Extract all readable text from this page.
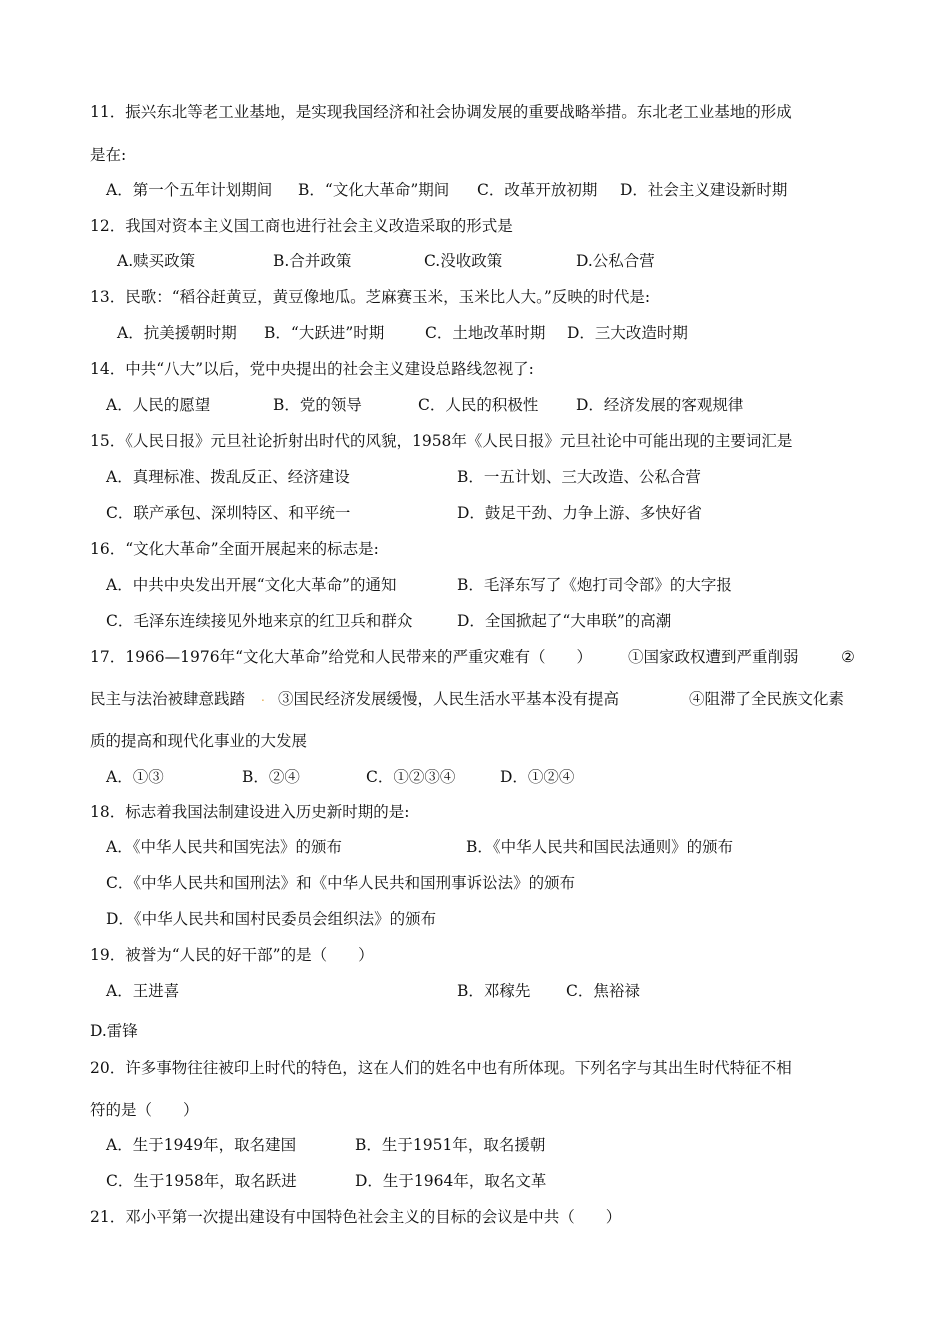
11．振兴东北等老工业基地，是实现我国经济和社会协调发展的重要战略举措。东北老工业基地的形成
是在:
A．第一个五年计划期间 B．“文化大革命”期间 C．改革开放初期 D．社会主义建设新时期
12．我国对资本主义国工商也进行社会主义改造采取的形式是
A.赎买政策	B.合并政策	C.没收政策	D.公私合营
13．民歌：“稻谷赶黄豆，黄豆像地瓜。芝麻赛玉米，玉米比人大。”反映的时代是:
A．抗美援朝时期 B．“大跃进”时期	C．土地改革时期 D．三大改造时期
14．中共“八大”以后，党中央提出的社会主义建设总路线忽视了:
A．人民的愿望	B．党的领导	C．人民的积极性 D．经济发展的客观规律
15．《人民日报》元旦社论折射出时代的风貌，1958年《人民日报》元旦社论中可能出现的主要词汇是
A．真理标准、拨乱反正、经济建设	B．一五计划、三大改造、公私合营
C．联产承包、深圳特区、和平统一	D．鼓足干劲、力争上游、多快好省
16．“文化大革命”全面开展起来的标志是:
A．中共中央发出开展“文化大革命”的通知	B．毛泽东写了《炮打司令部》的大字报
C．毛泽东连续接见外地来京的红卫兵和群众	D．全国掀起了“大串联”的高潮
17．1966—1976年“文化大革命”给党和人民带来的严重灾难有（　　） ①国家政权遭到严重削弱	②
民主与法治被肆意践踏 . ③国民经济发展缓慢，人民生活水平基本没有提高	④阻滞了全民族文化素
质的提高和现代化事业的大发展
A．①③	B．②④	C．①②③④	D．①②④
18．标志着我国法制建设进入历史新时期的是:
A．《中华人民共和国宪法》的颁布	B．《中华人民共和国民法通则》的颁布
C．《中华人民共和国刑法》和《中华人民共和国刑事诉讼法》的颁布
D．《中华人民共和国村民委员会组织法》的颁布
19．被誉为“人民的好干部”的是（　　）
A．王进喜	B．邓稼先 C．焦裕禄
D.雷锋
20．许多事物往往被印上时代的特色，这在人们的姓名中也有所体现。下列名字与其出生时代特征不相
符的是（　　）
A．生于1949年，取名建国	B．生于1951年，取名援朝
C．生于1958年，取名跃进	D．生于1964年，取名文革
21．邓小平第一次提出建设有中国特色社会主义的目标的会议是中共（　　）
